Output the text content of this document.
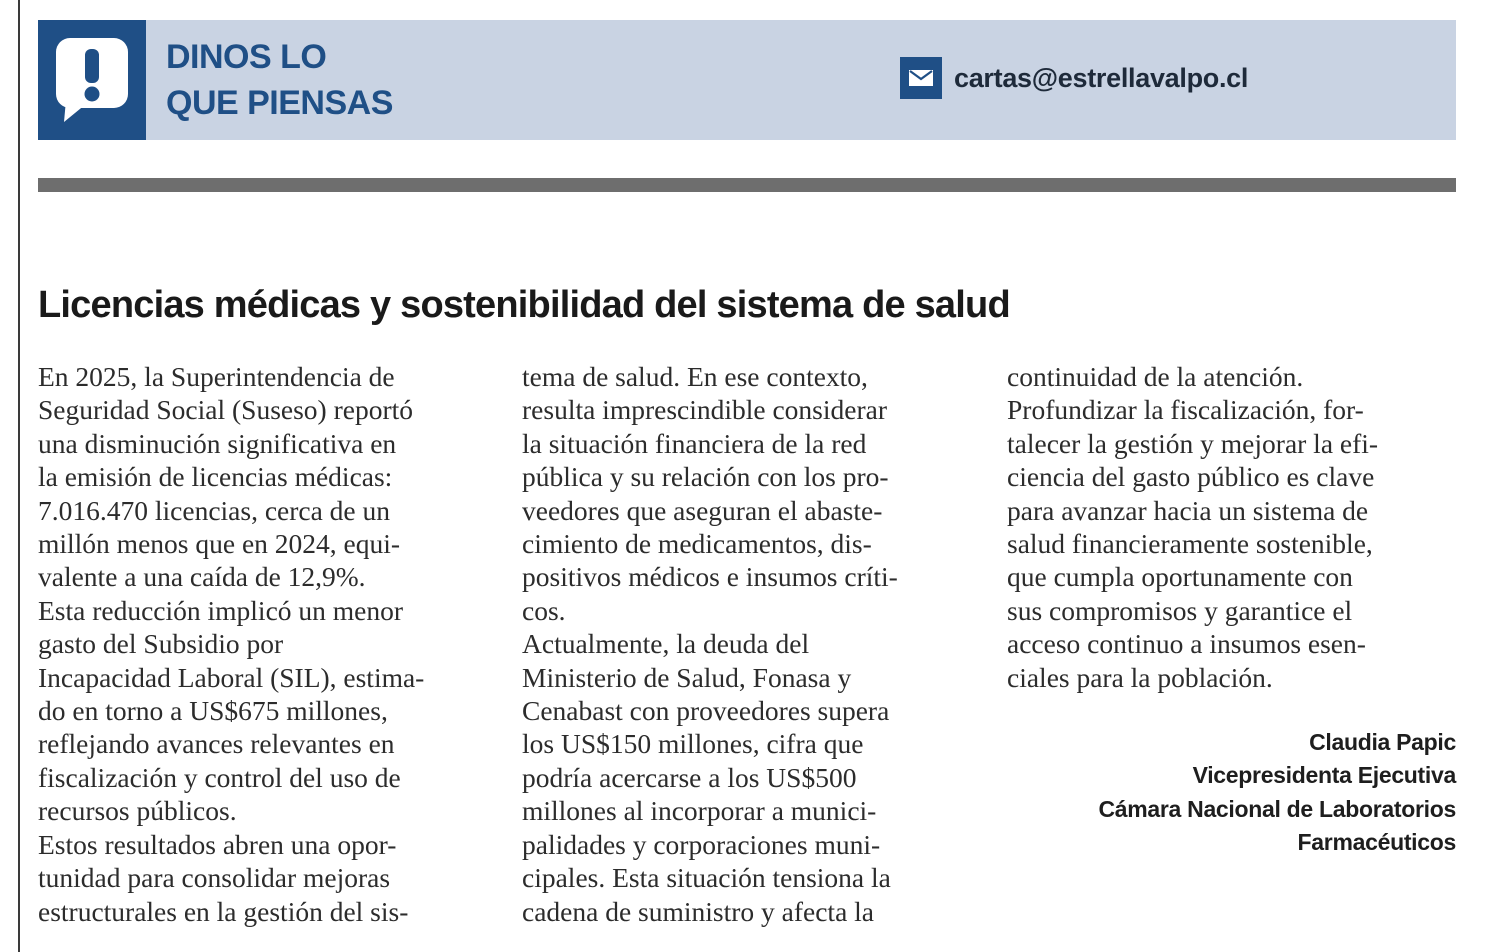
DINOS LO
QUE PIENSAS
cartas@estrellavalpo.cl
Licencias médicas y sostenibilidad del sistema de salud
En 2025, la Superintendencia de
Seguridad Social (Suseso) reportó
una disminución significativa en
la emisión de licencias médicas:
7.016.470 licencias, cerca de un
millón menos que en 2024, equi-
valente a una caída de 12,9%.
Esta reducción implicó un menor
gasto del Subsidio por
Incapacidad Laboral (SIL), estima-
do en torno a US$675 millones,
reflejando avances relevantes en
fiscalización y control del uso de
recursos públicos.
Estos resultados abren una opor-
tunidad para consolidar mejoras
estructurales en la gestión del sis-
tema de salud. En ese contexto,
resulta imprescindible considerar
la situación financiera de la red
pública y su relación con los pro-
veedores que aseguran el abaste-
cimiento de medicamentos, dis-
positivos médicos e insumos críti-
cos.
Actualmente, la deuda del
Ministerio de Salud, Fonasa y
Cenabast con proveedores supera
los US$150 millones, cifra que
podría acercarse a los US$500
millones al incorporar a munici-
palidades y corporaciones muni-
cipales. Esta situación tensiona la
cadena de suministro y afecta la
continuidad de la atención.
Profundizar la fiscalización, for-
talecer la gestión y mejorar la efi-
ciencia del gasto público es clave
para avanzar hacia un sistema de
salud financieramente sostenible,
que cumpla oportunamente con
sus compromisos y garantice el
acceso continuo a insumos esen-
ciales para la población.
Claudia Papic
Vicepresidenta Ejecutiva
Cámara Nacional de Laboratorios
Farmacéuticos
